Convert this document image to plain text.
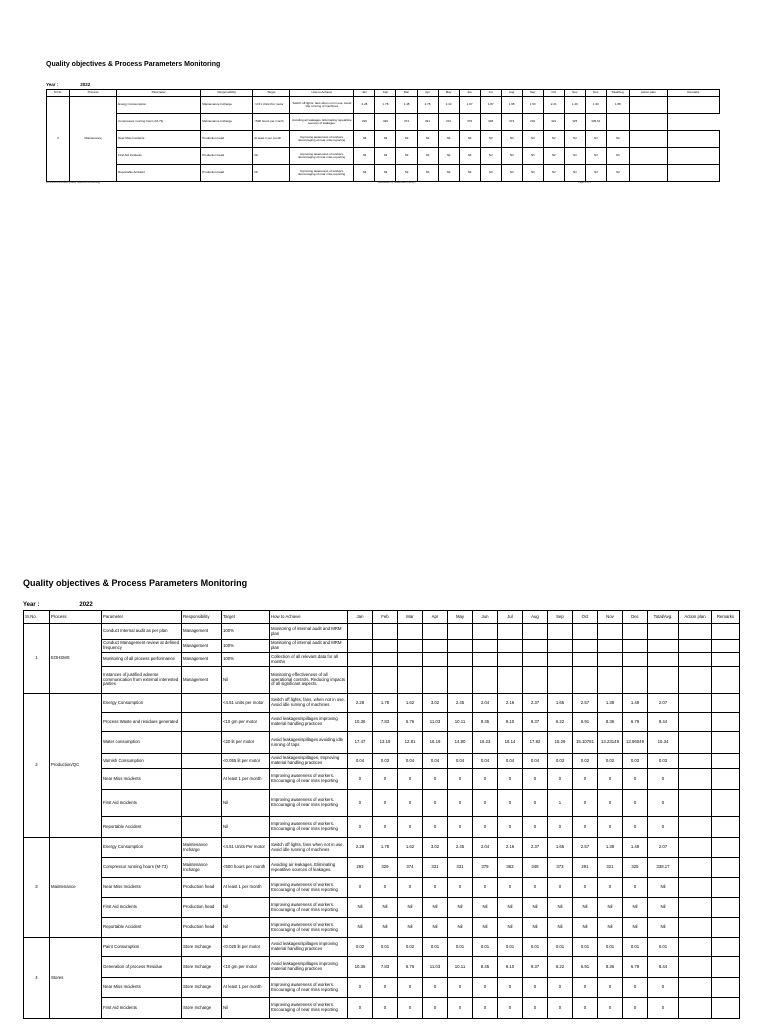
Quality objectives & Process Parameters Monitoring
Year :	2022
Sr.No.	Process	Parameter	Responsibility	Target	How to Achieve	Jan	Feb	Mar	Apr	May	Jun	Jul	Aug	Sep	Oct	Nov	Dec	Total/Avg.	Action plan	Remarks
3	Maintenance	Energy Consumption	Maintenance Incharge	<4.51 Units Per motor	Switch off lights, fans when not in use. Avoid idle running of machines	2.28	1.78	1.48	2.78	2.10	1.97	1.87	1.95	1.53	2.21	1.49	1.30	1.88		
		Compressor running hours (M-73)	Maintenance Incharge	<500 hours per month	Avoiding air leakages. Eliminating repeatitive sources of leakages.	293	329	374	331	331	379	348	373	291	321	325	339.61			
		Near Miss Incidents	Production head	At least 1 per month	Improving awareness of workers. Encouraging of near miss reporting	Nil	Nil	Nil	Nil	Nil	Nil	Nil	Nil	Nil	Nil	Nil	Nil	Nil		
		First Aid Incidents	Production head	Nil	Improving awareness of workers. Encouraging of near miss reporting	Nil	Nil	Nil	Nil	Nil	Nil	Nil	Nil	Nil	Nil	Nil	Nil	Nil		
		Reportable Accident	Production head	Nil	Improving awareness of workers. Encouraging of near miss reporting	Nil	Nil	Nil	Nil	Nil	Nil	Nil	Nil	Nil	Nil	Nil	Nil	Nil		
[Process Document Quality objective Monitoring]	[Reviewed by:Head/Date of entry]	Page 4 of 4
Quality objectives & Process Parameters Monitoring
Year :	2022
Sr.No.	Process	Parameter	Responsibility	Target	How to Achieve	Jan	Feb	Mar	Apr	May	Jun	Jul	Aug	Sep	Oct	Nov	Dec	Total/Avg.	Action plan	Remarks
1	EOHSMS	Conduct Internal audit as per plan	Management	100%	Monitoring of internal audit and MRM plan															
		Conduct Management review at defined frequency	Management	100%	Monitoring of internal audit and MRM plan															
		Monitoring of all process performance	Management	100%	Collection of all relevant data for all months															
		Instances of justified adverse communication from external interested parties	Management	Nil	Monitoring effectiveness of all operational controls, Reducing impacts of all significant aspects.															
2	Production/QC	Energy Consumption		<4.51 units per motor	Switch off lights, fans, when not in use. Avoid idle running of machines	2.28	1.78	1.62	3.02	2.45	2.04	2.16	2.37	1.65	2.57	1.38	1.49	2.07		
		Process Waste and residues generated		<10 gm per motor	Avoid leakages/spillages improving material handling practices	10.36	7.83	6.76	11.03	10.11	8.45	9.10	9.37	6.22	6.91	8.36	6.79	8.44		
		Water consumption		<20 lit per motor	Avoid leakages/spillages avoiding idle running of taps	17.47	13.19	12.81	16.19	14.80	16.23	18.14	17.82	15.29	15.10781	13.23149	13.86049	15.34		
		Varnish Consumption		<0.055 lit per motor	Avoid leakages/spillages, Improving material handling practices	0.04	0.03	0.04	0.04	0.04	0.04	0.04	0.04	0.03	0.02	0.02	0.03	0.03		
		Near Miss Incidents		At least 1 per month	Improving awareness of workers. Encouraging of near miss reporting	0	0	0	0	0	0	0	0	0	0	0	0	0		
		First Aid Incidents		Nil	Improving awareness of workers. Encouraging of near miss reporting	0	0	0	0	0	0	0	0	1	0	0	0	0		
		Reportable Accident		Nil	Improving awareness of workers. Encouraging of near miss reporting	0	0	0	0	0	0	0	0	0	0	0	0	0		
3	Maintenance	Energy Consumption	Maintenance Incharge	<4.51 Units Per motor	Switch off lights, fans when not in use. Avoid idle running of machines	2.28	1.78	1.62	3.02	2.45	2.04	2.16	2.37	1.65	2.57	1.38	1.49	2.07		
		Compressor running hours (M-73)	Maintenance Incharge	<500 hours per month	Avoiding air leakages. Eliminating repeatitive sources of leakages.	293	329	374	331	331	379	363	348	373	291	321	325	338.17		
		Near Miss Incidents	Production head	At least 1 per month	Improving awareness of workers. Encouraging of near miss reporting	0	0	0	0	0	0	0	0	0	0	0	0	Nil		
		First Aid Incidents	Production head	Nil	Improving awareness of workers. Encouraging of near miss reporting	Nil	Nil	Nil	Nil	Nil	Nil	Nil	Nil	Nil	Nil	Nil	Nil	Nil		
		Reportable Accident	Production head	Nil	Improving awareness of workers. Encouraging of near miss reporting	Nil	Nil	Nil	Nil	Nil	Nil	Nil	Nil	Nil	Nil	Nil	Nil	Nil		
4	Stores	Paint Consumption	Store Incharge	<0.025 lit per motor	Avoid leakages/spillages improving material handling practices	0.02	0.01	0.02	0.01	0.01	0.01	0.01	0.01	0.01	0.01	0.01	0.01	0.01		
		Generation of process Residue	Store Incharge	<10 gm per motor	Avoid leakages/spillages improving material handling practices	10.36	7.83	6.76	11.03	10.11	8.45	9.10	9.37	6.22	6.91	8.36	6.79	8.44		
		Near Miss Incidents	Store Incharge	At least 1 per month	Improving awareness of workers. Encouraging of near miss reporting	0	0	0	0	0	0	0	0	0	0	0	0	0		
		First Aid Incidents	Store Incharge	Nil	Improving awareness of workers. Encouraging of near miss reporting	0	0	0	0	0	0	0	0	0	0	0	0	0		
